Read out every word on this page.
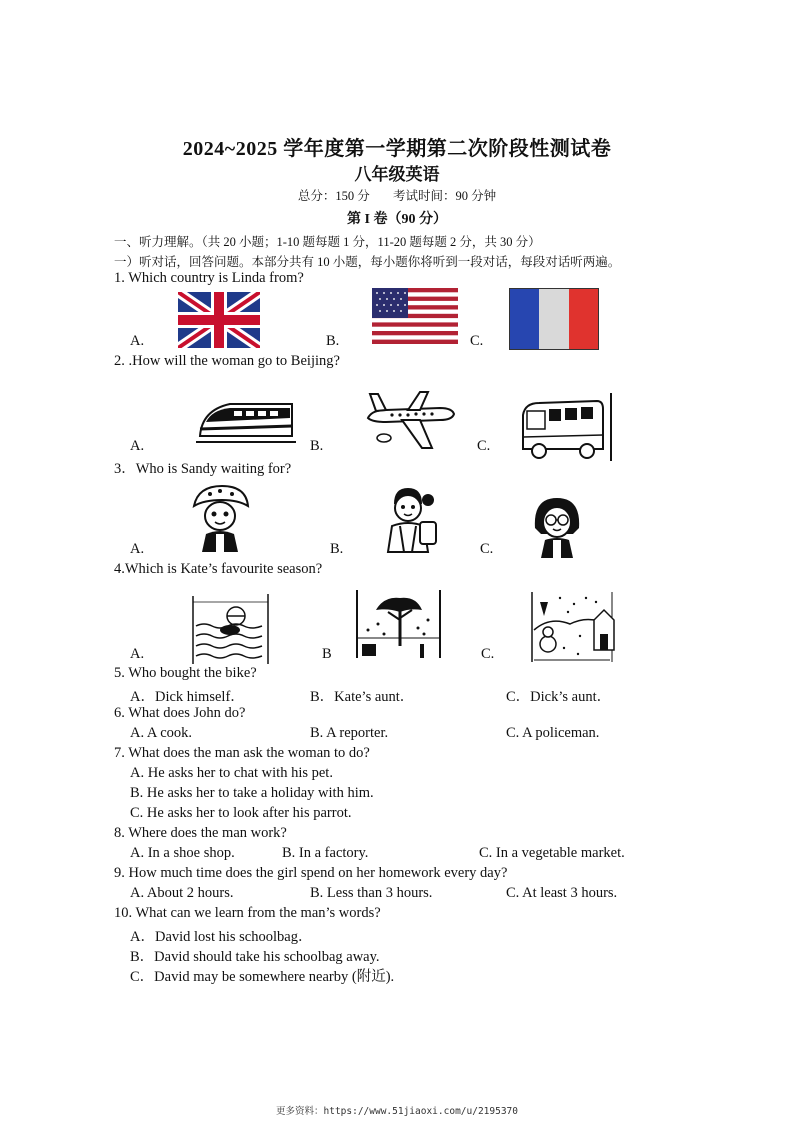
2024~2025 学年度第一学期第二次阶段性测试卷
八年级英语
总分：150 分 考试时间：90 分钟
第 I 卷（90 分）
一、听力理解。（共 20 小题；1-10 题每题 1 分，11-20 题每题 2 分，共 30 分）
一）听对话，回答问题。本部分共有 10 小题，每小题你将听到一段对话，每段对话听两遍。
1. Which country is Linda from?
A.	B.	C.
2. .How will the woman go to Beijing?
A.	B.	C.
3．Who is Sandy waiting for?
A.	B.	C.
4.Which is Kate’s favourite season?
A.	B	C.
5. Who bought the bike?
A．Dick himself．	B．Kate’s aunt．	C．Dick’s aunt．
6. What does John do?
A. A cook.	B. A reporter.	C. A policeman.
7. What does the man ask the woman to do?
A. He asks her to chat with his pet.
B. He asks her to take a holiday with him.
C. He asks her to look after his parrot.
8. Where does the man work?
A. In a shoe shop.	B. In a factory.	C. In a vegetable market.
9. How much time does the girl spend on her homework every day?
A. About 2 hours.	B. Less than 3 hours.	C. At least 3 hours.
10. What can we learn from the man’s words?
A．David lost his schoolbag．
B．David should take his schoolbag away.
C．David may be somewhere nearby (附近).
更多资料：https://www.51jiaoxi.com/u/2195370
